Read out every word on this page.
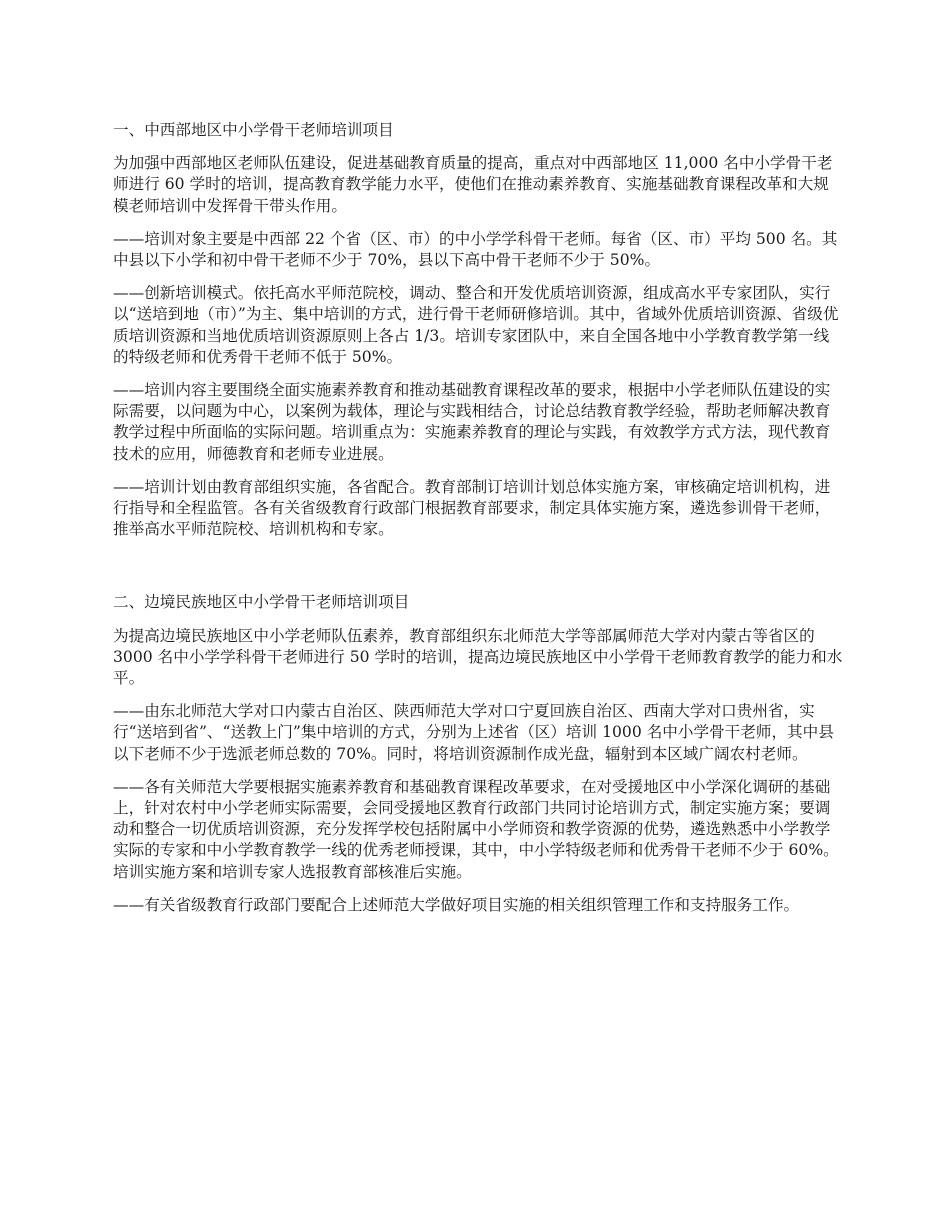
一、中西部地区中小学骨干老师培训项目

为加强中西部地区老师队伍建设，促进基础教育质量的提高，重点对中西部地区 11,000 名中小学骨干老师进行 60 学时的培训，提高教育教学能力水平，使他们在推动素养教育、实施基础教育课程改革和大规模老师培训中发挥骨干带头作用。

——培训对象主要是中西部 22 个省（区、市）的中小学学科骨干老师。每省（区、市）平均 500 名。其中县以下小学和初中骨干老师不少于 70%，县以下高中骨干老师不少于 50%。

——创新培训模式。依托高水平师范院校，调动、整合和开发优质培训资源，组成高水平专家团队，实行以“送培到地（市）”为主、集中培训的方式，进行骨干老师研修培训。其中，省域外优质培训资源、省级优质培训资源和当地优质培训资源原则上各占 1/3。培训专家团队中，来自全国各地中小学教育教学第一线的特级老师和优秀骨干老师不低于 50%。

——培训内容主要围绕全面实施素养教育和推动基础教育课程改革的要求，根据中小学老师队伍建设的实际需要，以问题为中心，以案例为载体，理论与实践相结合，讨论总结教育教学经验，帮助老师解决教育教学过程中所面临的实际问题。培训重点为：实施素养教育的理论与实践，有效教学方式方法，现代教育技术的应用，师德教育和老师专业进展。

——培训计划由教育部组织实施，各省配合。教育部制订培训计划总体实施方案，审核确定培训机构，进行指导和全程监管。各有关省级教育行政部门根据教育部要求，制定具体实施方案，遴选参训骨干老师，推举高水平师范院校、培训机构和专家。

二、边境民族地区中小学骨干老师培训项目

为提高边境民族地区中小学老师队伍素养，教育部组织东北师范大学等部属师范大学对内蒙古等省区的 3000 名中小学学科骨干老师进行 50 学时的培训，提高边境民族地区中小学骨干老师教育教学的能力和水平。

——由东北师范大学对口内蒙古自治区、陕西师范大学对口宁夏回族自治区、西南大学对口贵州省，实行“送培到省”、“送教上门”集中培训的方式，分别为上述省（区）培训 1000 名中小学骨干老师，其中县以下老师不少于选派老师总数的 70%。同时，将培训资源制作成光盘，辐射到本区域广阔农村老师。

——各有关师范大学要根据实施素养教育和基础教育课程改革要求，在对受援地区中小学深化调研的基础上，针对农村中小学老师实际需要，会同受援地区教育行政部门共同讨论培训方式，制定实施方案；要调动和整合一切优质培训资源，充分发挥学校包括附属中小学师资和教学资源的优势，遴选熟悉中小学教学实际的专家和中小学教育教学一线的优秀老师授课，其中，中小学特级老师和优秀骨干老师不少于 60%。培训实施方案和培训专家人选报教育部核准后实施。

——有关省级教育行政部门要配合上述师范大学做好项目实施的相关组织管理工作和支持服务工作。
